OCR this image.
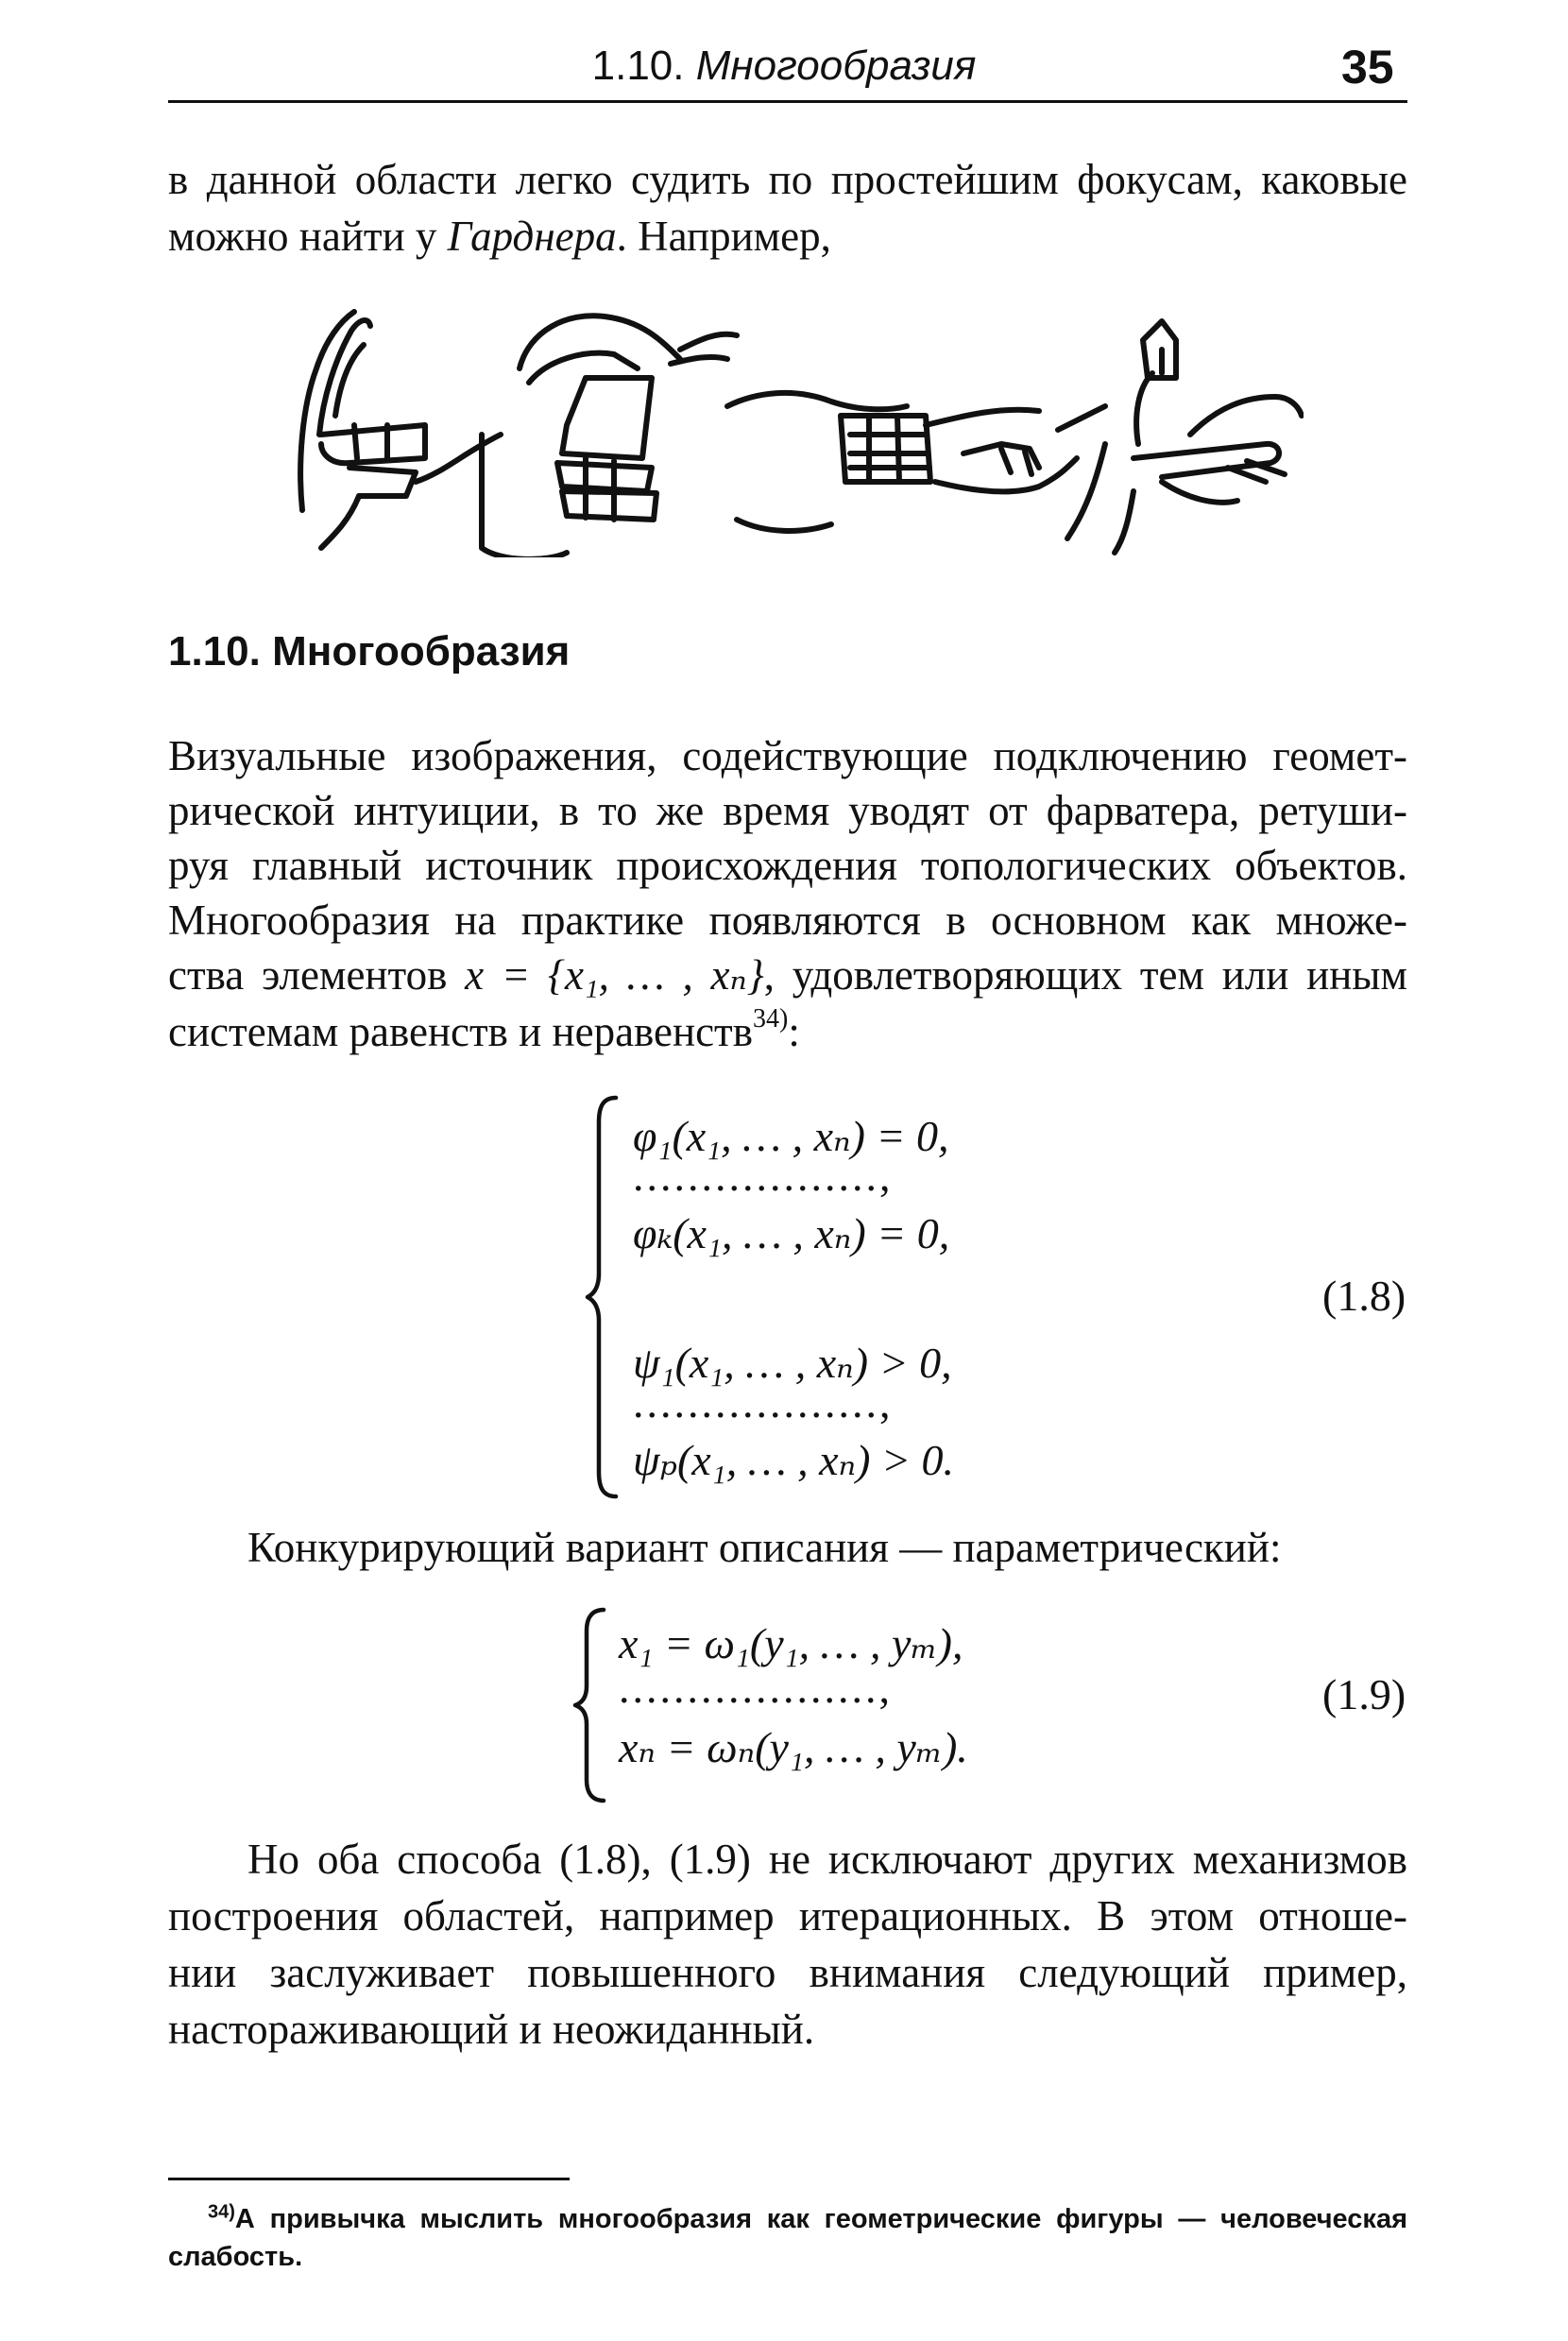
1.10. Многообразия	35
в данной области легко судить по простейшим фокусам, каковые
можно найти у Гарднера. Например,
1.10. Многообразия
Визуальные изображения, содействующие подключению геомет-
рической интуиции, в то же время уводят от фарватера, ретуши-
руя главный источник происхождения топологических объектов.
Многообразия на практике появляются в основном как множе-
ства элементов x = {x₁, … , xₙ}, удовлетворяющих тем или иным
системам равенств и неравенств$^{34)}$:
φ₁(x₁, … , xₙ) = 0,
..................,
φₖ(x₁, … , xₙ) = 0,
ψ₁(x₁, … , xₙ) > 0,
..................,
ψₚ(x₁, … , xₙ) > 0.
(1.8)
Конкурирующий вариант описания — параметрический:
x₁ = ω₁(y₁, … , yₘ),
...................,
xₙ = ωₙ(y₁, … , yₘ).
(1.9)
Но оба способа (1.8), (1.9) не исключают других механизмов
построения областей, например итерационных. В этом отноше-
нии заслуживает повышенного внимания следующий пример,
настораживающий и неожиданный.
$^{34)}$А привычка мыслить многообразия как геометрические фигуры — человеческая
слабость.
